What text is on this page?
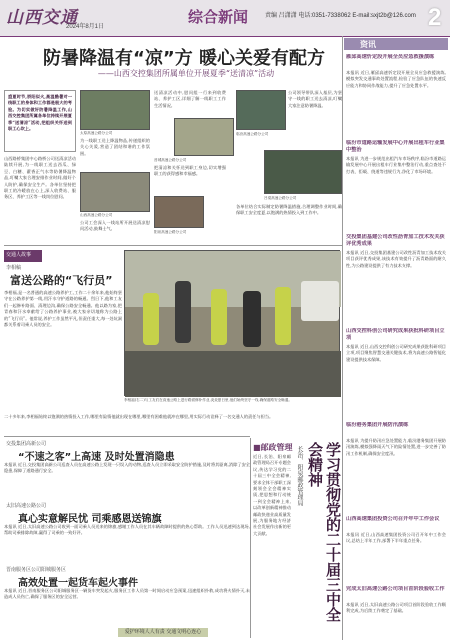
山西交通
2024年8月1日
综合新闻	责编 吕潇潇 电话:0351-7338062 E-mail:sxjt2b@126.com 2
防暑降温有“凉”方 暖心关爱有配方
——山西交控集团所属单位开展夏季“送清凉”活动
盛夏时节,骄阳似火,高温酷暑对一线职工的身体和工作都是极大的考验。为切实做好防暑降温工作,山西交控集团所属各单位持续开展夏季“送清凉”活动,把组织关怀送到职工心坎上。
山西路桥集团中心路桥公司送清凉活动陆续开展,为一线职工送去西瓜、绿豆、白糖、藿香正气水等防暑降温物品,叮嘱大家合理安排作业时间,做好个人防护,确保安全生产。各单位坚持把职工的冷暖放在心上,深入收费站、服务区、养护工区等一线岗位慰问。
太原高速公路分公司
为一线职工送上降温物品,传递组织的关心关爱,营造了团结和谐的工作氛围。
山西高速公路分公司
公司工会深入一线站所开展送清凉慰问活动,鼓舞士气。
送清凉活动中,慰问组一行来到收费站、养护工区,详细了解一线职工工作生活情况。
晋城高速公路分公司
把清凉和关怀送到职工身边,切实增强职工的获得感和幸福感。
阳泉高速公路分公司
公司领导带队深入基层,为坚守一线的职工送去清凉,叮嘱大家注意防暑降温。
临汾高速公路分公司
吕梁高速公路分公司
各单位结合实际制定防暑降温措施,合理调整作业时间,确保职工安全度夏,以饱满的热情投入到工作中。
交通人故事
李相稿
富送公路的“飞行员”
李相福,是一名普通的高速公路养护工,工作二十余年来,他始终坚守在公路养护第一线,用汗水守护道路的畅通。烈日下,他和工友们一起修补路面、清理边沟,确保公路安全畅通。他以路为家,把青春和汗水奉献给了公路养护事业,被大家亲切地称为公路上的“飞行员”。他常说,养护工作虽然平凡,但责任重大,每一处坑洞都关系着司乘人员的安全。
李相福(右二)与工友们在高速公路上进行路面修补作业,炎炎夏日里,他们始终坚守一线,确保道路安全畅通。
二十多年来,李相福始终以饱满的热情投入工作,哪里有险情他就出现在哪里,哪里有困难他就冲在哪里,用实际行动诠释了一名交通人的责任与担当。
交投集团高新公司
“不速之客”上高速 及时处置消隐患
本报讯 近日,交投集团高新公司巡查人员在高速公路上发现一只误入的动物,巡查人员立即采取安全防护措施,及时将其驱离,消除了安全隐患,保障了道路通行安全。
太旧高速公路公司
真心实意解民忧 司乘感恩送锦旗
本报讯 近日,太旧高速公路公司收到一面司乘人员送来的锦旗,感谢工作人员在其车辆故障时提供的热心帮助。工作人员迅速到达现场,帮助司乘排除故障,赢得了司乘的一致好评。
晋南服务区公司阳城服务区
高效处置一起货车起火事件
本报讯 近日,晋南服务区公司阳城服务区一辆货车突发起火,服务区工作人员第一时间启动应急预案,迅速组织扑救,成功将火情扑灭,未造成人员伤亡,确保了服务区的安全运营。
爱护环境人人有责 交通文明心连心
■邮政管理
近日,长治、阳泉邮政管理局召开专题会议,传达学习党的二十届三中全会精神,要求全体干部职工深刻领会全会精神实质,把思想和行动统一到全会精神上来,以改革创新精神推动邮政快递业高质量发展,为服务地方经济社会发展作出新的更大贡献。
长治、阳泉邮政管理局	学习贯彻党的二十届三中全会精神
资讯
雁邱高速忻定段开展全员应急救援演练
本报讯 近日,雁邱高速忻定段开展全员应急救援演练,模拟突发交通事故处置流程,检验了应急队伍的快速反应能力和协同作战能力,提升了应急处置水平。
临汾市道路运输发展中心开展出租车行业集中整治
本报讯 为进一步规范出租汽车市场秩序,临汾市道路运输发展中心开展出租车行业集中整治行动,重点查处不打表、拒载、绕道等违规行为,净化了市场环境。
交投集团基建公司改性沥青加工技术攻关获评优秀成果
本报讯 近日,交投集团基建公司改性沥青加工技术攻关项目获评优秀成果,该技术有效提升了沥青路面的耐久性,为公路建设提供了有力技术支撑。
山西交控科创公司研究成果获批科研项目立项
本报讯 近日,山西交控科创公司研究成果获批科研项目立项,项目聚焦智慧交通关键技术,将为高速公路智能化建设提供技术保障。
临汾港务集团开展防汛演练
本报讯 为提升防汛应急处置能力,临汾港务集团开展防汛演练,模拟强降雨天气下的险情处置,进一步完善了防汛工作机制,确保安全度汛。
山西高速集团投资公司召开年中工作会议
本报讯 近日,山西高速集团投资公司召开年中工作会议,总结上半年工作,部署下半年重点任务。
完成太旧高速公路公司项目首阶段验收工作
本报讯 近日,太旧高速公路公司项目首阶段验收工作顺利完成,为后续工作奠定了基础。
